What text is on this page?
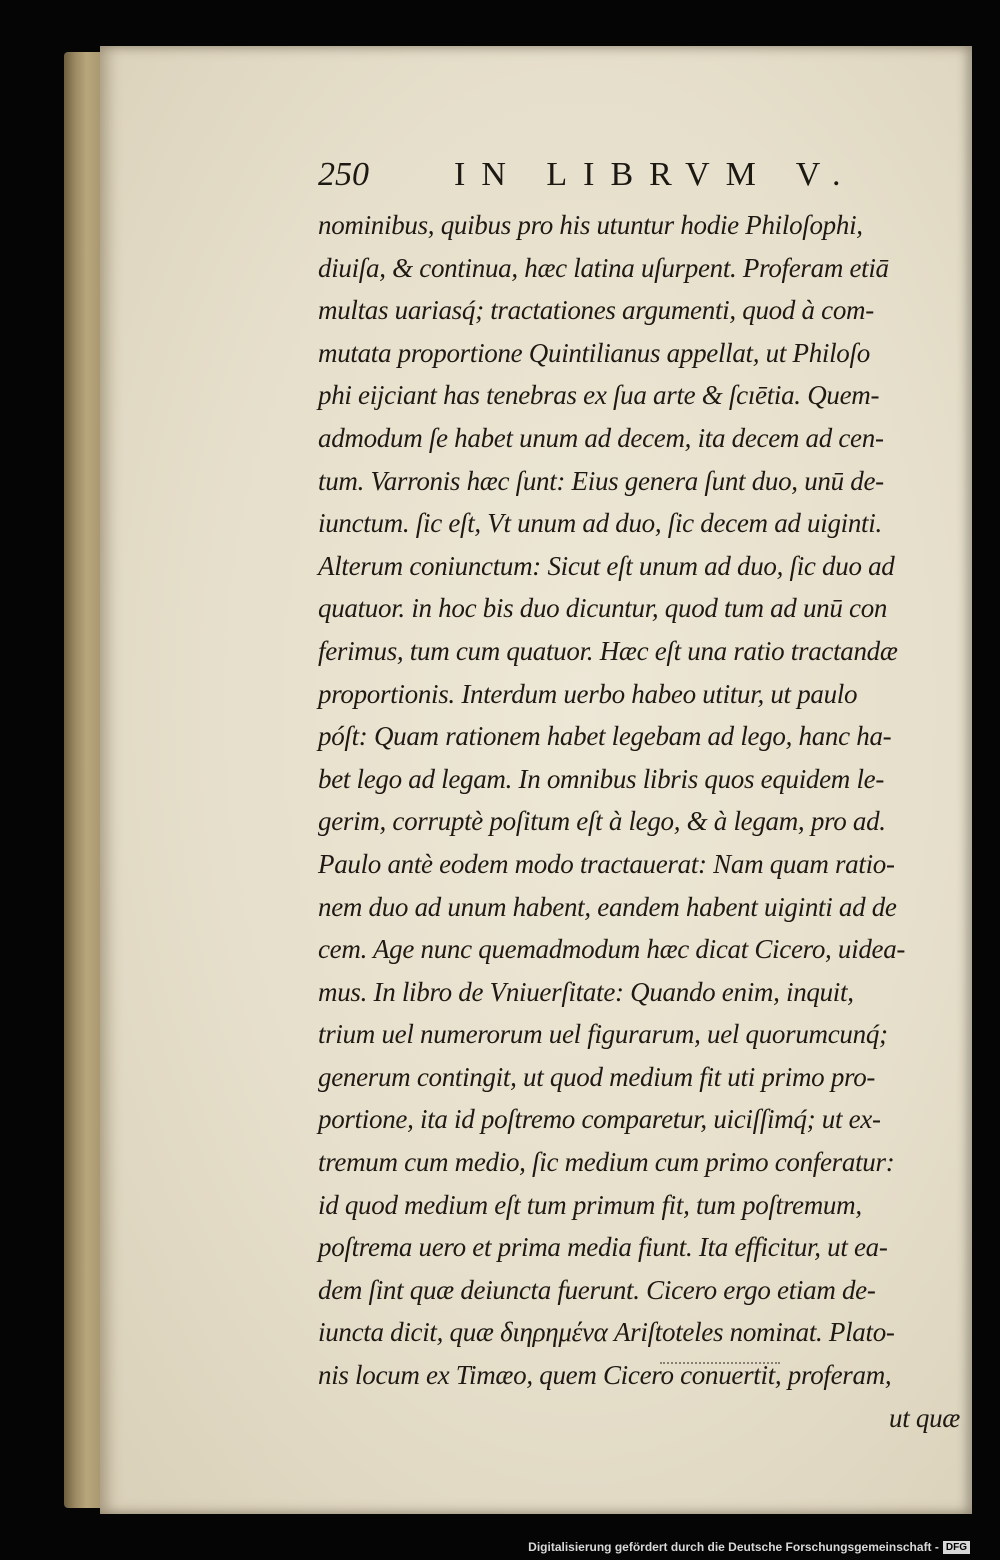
250	IN LIBRVM V.
nominibus, quibus pro his utuntur hodie Philoſophi,
diuiſa, & continua, hæc latina uſurpent. Proferam etiā
multas uariasq́; tractationes argumenti, quod à com-
mutata proportione Quintilianus appellat, ut Philoſo
phi eijciant has tenebras ex ſua arte & ſcıētia. Quem-
admodum ſe habet unum ad decem, ita decem ad cen-
tum. Varronis hæc ſunt: Eius genera ſunt duo, unū de-
iunctum. ſic eſt, Vt unum ad duo, ſic decem ad uiginti.
Alterum coniunctum: Sicut eſt unum ad duo, ſic duo ad
quatuor. in hoc bis duo dicuntur, quod tum ad unū con
ferimus, tum cum quatuor. Hæc eſt una ratio tractandæ
proportionis. Interdum uerbo habeo utitur, ut paulo
póſt: Quam rationem habet legebam ad lego, hanc ha-
bet lego ad legam. In omnibus libris quos equidem le-
gerim, corruptè poſitum eſt à lego, & à legam, pro ad.
Paulo antè eodem modo tractauerat: Nam quam ratio-
nem duo ad unum habent, eandem habent uiginti ad de
cem. Age nunc quemadmodum hæc dicat Cicero, uidea-
mus. In libro de Vniuerſitate: Quando enim, inquit,
trium uel numerorum uel figurarum, uel quorumcunq́;
generum contingit, ut quod medium fit uti primo pro-
portione, ita id poſtremo comparetur, uiciſſimq́; ut ex-
tremum cum medio, ſic medium cum primo conferatur:
id quod medium eſt tum primum fit, tum poſtremum,
poſtrema uero et prima media fiunt. Ita efficitur, ut ea-
dem ſint quæ deiuncta fuerunt. Cicero ergo etiam de-
iuncta dicit, quæ διηρημένα Ariſtoteles nominat. Plato-
nis locum ex Timæo, quem Cicero conuertit, proferam,
ut quæ
Digitalisierung gefördert durch die Deutsche Forschungsgemeinschaft - DFG
